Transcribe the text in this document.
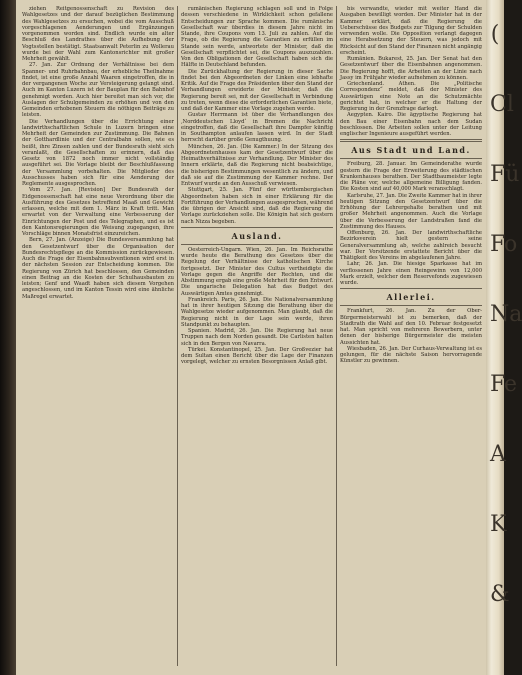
ziehen Reitgenossenschaft zu Revision des Wahlgesetzes und der darauf bezüglichen Bestimmung des Wahlgesetzes zu ersuchen, wobei die vom Ausschuß vorgeschlagenen Aenderungen und Ergänzungen vorgenommen worden sind. Endlich wurde ein alter Beschluß des Landrathes über die Aufhebung der Vogtsstellen bestätigt. Staatsanwalt Peterlin zu Wollerau wurde bei der Wahl zum Kantonsrichter mit großer Mehrheit gewählt.

27. Jan. Zur Ordnung der Verhältnisse bei dem Spanner- und Ruhrbahnbau, der erhebliche Theilnahme findet, ist eine große Anzahl Waaren eingetroffen, die in der vergangenen Woche zur Versteigerung gelangt sind. Auch im Kanton Luzern ist der Bauplan für den Bahnhof genehmigt worden. Auch hier bereitet man sich vor, die Auslagen der Schulgemeinden zu erhöhen und von den Gemeinden erhobenen Steuern die nöthigen Beiträge zu leisten.

Die Verhandlungen über die Errichtung einer landwirthschaftlichen Schule in Luzern bringen eine Mehrheit der Gemeinden zur Zustimmung. Die Bahnen der Gotthardlinie und der Centralbahn sollen, wie es heißt, ihre Zinsen zahlen und der Bundesrath sieht sich veranlaßt, die Gesellschaften zu erinnern, daß das Gesetz von 1872 noch immer nicht vollständig ausgeführt sei. Die Vorlage bleibt der Beschlußfassung der Versammlung vorbehalten. Die Mitglieder des Ausschusses haben sich für eine Aenderung der Reglemente ausgesprochen.

Vom 27. Jan. [Revision] Der Bundesrath der Eidgenossenschaft hat eine neue Verordnung über die Ausführung des Gesetzes betreffend Maaß und Gewicht erlassen, welche mit dem 1. März in Kraft tritt. Man erwartet von der Verwaltung eine Verbesserung der Einrichtungen der Post und des Telegraphen, und es ist den Kantonsregierungen die Weisung zugegangen, ihre Vorschläge binnen Monatsfrist einzureichen.

Bern, 27. Jan. (Anzeige) Die Bundesversammlung hat den Gesetzentwurf über die Organisation der Bundesrechtspflege an die Kommission zurückgewiesen. Auch die Frage der Eisenbahnsubventionen wird erst in der nächsten Session zur Entscheidung kommen. Die Regierung von Zürich hat beschlossen, den Gemeinden einen Beitrag an die Kosten der Schulhausbauten zu leisten; Genf und Waadt haben sich diesem Vorgehen angeschlossen, und im Kanton Tessin wird eine ähnliche Maßregel erwartet.

rumänischen Regierung schlagen soll und in Folge dessen verschiedene in Wirklichkeit schon gefallene Entscheidungen zur Sprache kommen. Die rumänische Gesellschaft war überdies in diesem Jahre nicht im Stande, ihre Coupons vom 13. Juli zu zahlen. Auf die Frage, ob die Regierung die Garantien zu erfüllen im Stande sein werde, antwortete der Minister, daß die Gesellschaft verpflichtet sei, die Coupons auszuzahlen. Von den Obligationen der Gesellschaft haben sich die Hälfte in Deutschland befunden.

Die Zurückhaltung der Regierung in dieser Sache findet bei den Abgeordneten der Linken eine lebhafte Kritik. Auf die Frage des Präsidenten über den Stand der Verhandlungen erwiderte der Minister, daß die Regierung bereit sei, mit der Gesellschaft in Verbindung zu treten, wenn diese die erforderlichen Garantien biete, und daß der Kammer eine Vorlage zugehen werde.

Gustav Herrmann ist über die Verhandlungen des ‚Norddeutschen Lloyd‘ in Bremen die Nachricht eingetroffen, daß die Gesellschaft ihre Dampfer künftig in Southampton anlaufen lassen wird. In der Stadt herrscht darüber große Genugthuung.

München, 26. Jan. (Die Kammer.) In der Sitzung des Abgeordnetenhauses kam der Gesetzentwurf über die Heimathverhältnisse zur Verhandlung. Der Minister des Innern erklärte, daß die Regierung nicht beabsichtige, die bisherigen Bestimmungen wesentlich zu ändern, und daß sie auf die Zustimmung der Kammer rechne. Der Entwurf wurde an den Ausschuß verwiesen.

Stuttgart, 25. Jan. Fünf der württembergischen Abgeordneten haben sich in einer Erklärung für die Fortführung der Verhandlungen ausgesprochen, während die übrigen der Ansicht sind, daß die Regierung die Vorlage zurückziehen solle. Die Königin hat sich gestern nach Nizza begeben.

Ausland.

Oesterreich-Ungarn. Wien, 26. Jan. Im Reichsrathe wurde heute die Berathung des Gesetzes über die Regelung der Verhältnisse der katholischen Kirche fortgesetzt. Der Minister des Cultus vertheidigte die Vorlage gegen die Angriffe der Rechten, und die Abstimmung ergab eine große Mehrheit für den Entwurf. Die ungarische Delegation hat das Budget des Auswärtigen Amtes genehmigt.

Frankreich. Paris, 26. Jan. Die Nationalversammlung hat in ihrer heutigen Sitzung die Berathung über die Wahlgesetze wieder aufgenommen. Man glaubt, daß die Regierung nicht in der Lage sein werde, ihren Standpunkt zu behaupten.

Spanien. Madrid, 26. Jan. Die Regierung hat neue Truppen nach dem Norden gesandt. Die Carlisten halten sich in den Bergen von Navarra.

Türkei. Konstantinopel, 25. Jan. Der Großvezier hat dem Sultan einen Bericht über die Lage der Finanzen vorgelegt, welcher zu ernsten Besorgnissen Anlaß gibt.

bis verwandte, wieder mit weiter Hand die Ausgaben bewilligt worden. Der Minister hat in der Kammer erklärt, daß die Regierung die Ueberschüsse des Budgets zur Tilgung der Schulden verwenden wolle. Die Opposition verlangt dagegen eine Herabsetzung der Steuern, was jedoch mit Rücksicht auf den Stand der Finanzen nicht angängig erscheint.

Rumänien. Bukarest, 25. Jan. Der Senat hat den Gesetzentwurf über die Eisenbahnen angenommen. Die Regierung hofft, die Arbeiten an der Linie nach Jassy im Frühjahr wieder aufnehmen zu können.

Griechenland. Athen. Die „Politische Correspondenz“ meldet, daß der Minister des Auswärtigen eine Note an die Schutzmächte gerichtet hat, in welcher er die Haltung der Regierung in der Grenzfrage darlegt.

Aegypten. Kairo. Die ägyptische Regierung hat den Bau einer Eisenbahn nach dem Sudan beschlossen. Die Arbeiten sollen unter der Leitung englischer Ingenieure ausgeführt werden.

Aus Stadt und Land.

Freiburg, 28. Januar. Im Gemeinderathe wurde gestern die Frage der Erweiterung des städtischen Krankenhauses berathen. Der Stadtbaumeister legte die Pläne vor, welche allgemeine Billigung fanden. Die Kosten sind auf 40,000 Mark veranschlagt.

Karlsruhe, 27. Jan. Die Zweite Kammer hat in ihrer heutigen Sitzung den Gesetzentwurf über die Erhöhung der Lehrergehalte berathen und mit großer Mehrheit angenommen. Auch die Vorlage über die Verbesserung der Landstraßen fand die Zustimmung des Hauses.

Offenburg, 26. Jan. Der landwirthschaftliche Bezirksverein hielt gestern seine Generalversammlung ab, welche zahlreich besucht war. Der Vorsitzende erstattete Bericht über die Thätigkeit des Vereins im abgelaufenen Jahre.

Lahr, 26. Jan. Die hiesige Sparkasse hat im verflossenen Jahre einen Reingewinn von 12,000 Mark erzielt, welcher dem Reservefonds zugewiesen wurde.

Allerlei.

Frankfurt, 26. Jan. Zu der Ober-Bürgermeisterwahl ist zu bemerken, daß der Stadtrath die Wahl auf den 10. Februar festgesetzt hat. Man spricht von mehreren Bewerbern, unter denen der bisherige Bürgermeister die meisten Aussichten hat.

Wiesbaden, 26. Jan. Der Curhaus-Verwaltung ist es gelungen, für die nächste Saison hervorragende Künstler zu gewinnen.

(
Cl
Fü
Fo
Na
Fe
A
K
&
